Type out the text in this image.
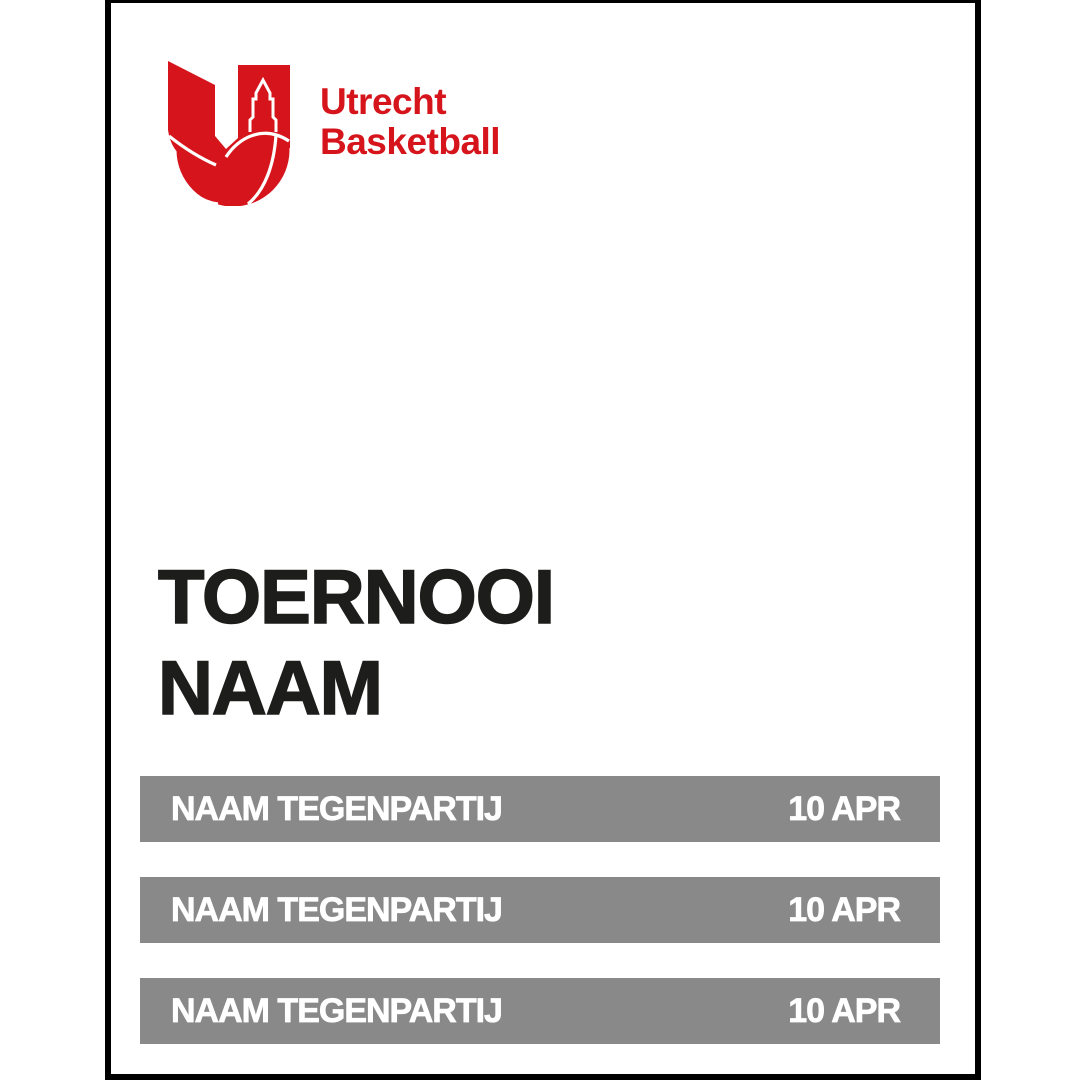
Utrecht
Basketball
TOERNOOI
NAAM
NAAM TEGENPARTIJ	10 APR
NAAM TEGENPARTIJ	10 APR
NAAM TEGENPARTIJ	10 APR
